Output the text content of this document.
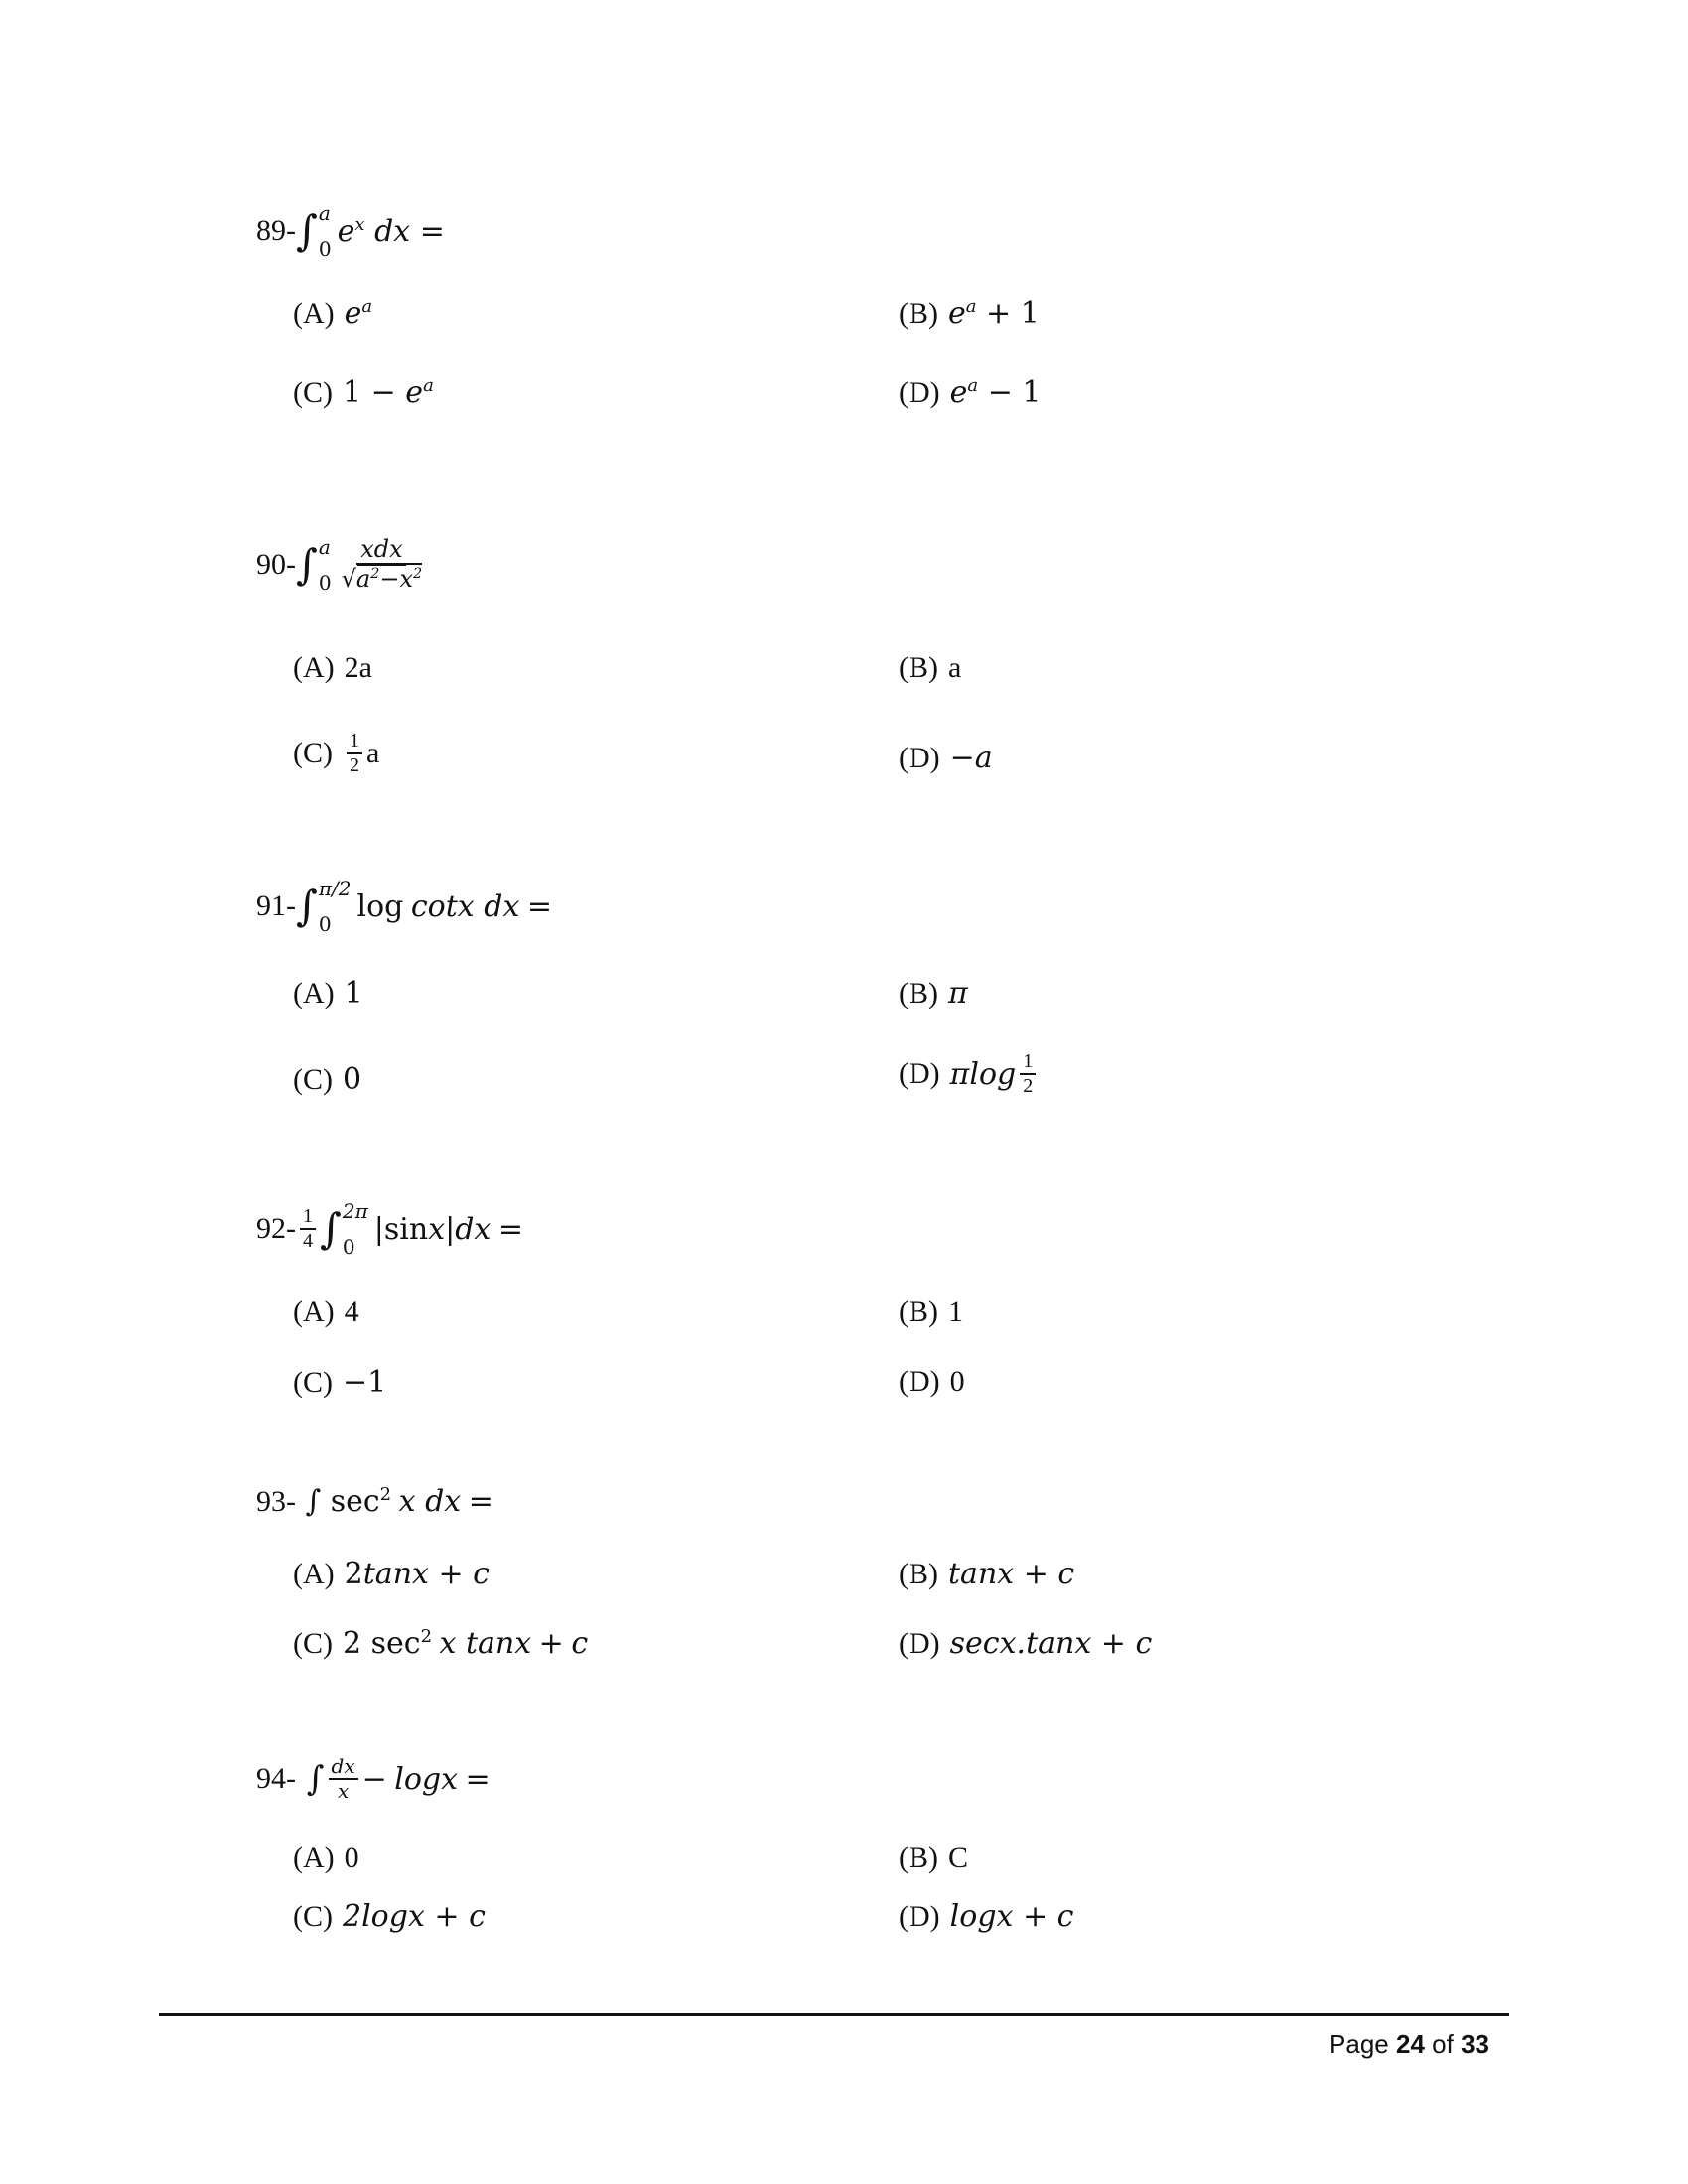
89- ∫ a
0
$e^x$ dx =
(A) $e^a$	(B) $e^a + 1$
(C) $1 - e^a$	(D) $e^a - 1$
90- ∫ a
$0 \frac{\text{xdx}}{√a^2-x^2}$
(A) 2a	(B) a
$(C) \frac{1}{2}$ a	(D) −a
91- ∫ π/2
0
log cotx dx =
(A) 1	(B) π
(C) 0	(D) πlog $\frac{1}{2}$
$92- \frac{1}{4}$ ∫ 2π
0
|sinx|dx =
(A) 4	(B) 1
(C) −1	(D) 0
93- ∫ $\sec^2 x$ dx =
(A) 2tanx + c	(B) tanx + c
(C) 2 $\sec^2 x$ tanx + c	(D) secx.tanx + c
94- ∫ $\frac{dx}{x} - \log x$ =
(A) 0	(B) C
(C) 2logx + c	(D) logx + c
Page 24 of 33
